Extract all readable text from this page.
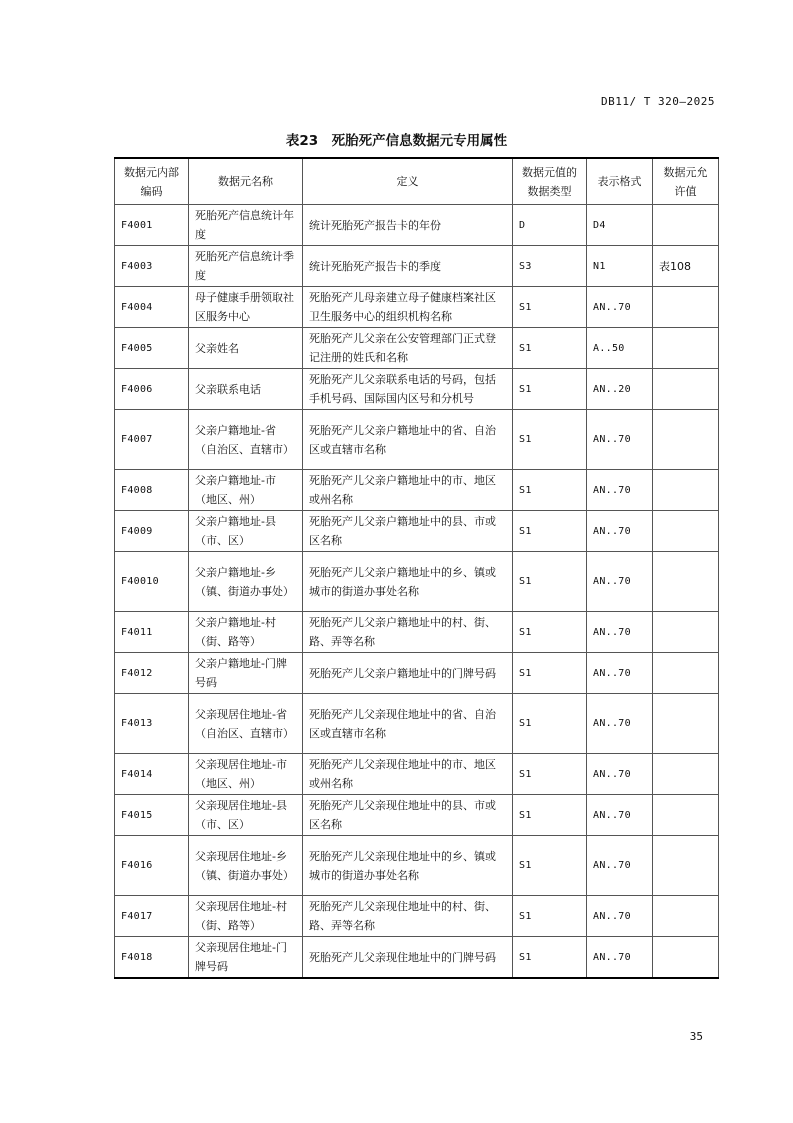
DB11/ T 320—2025
表23　死胎死产信息数据元专用属性
数据元内部编码	数据元名称	定义	数据元值的数据类型	表示格式	数据元允许值
F4001	死胎死产信息统计年度	统计死胎死产报告卡的年份	D	D4	
F4003	死胎死产信息统计季度	统计死胎死产报告卡的季度	S3	N1	表108
F4004	母子健康手册领取社区服务中心	死胎死产儿母亲建立母子健康档案社区卫生服务中心的组织机构名称	S1	AN..70	
F4005	父亲姓名	死胎死产儿父亲在公安管理部门正式登记注册的姓氏和名称	S1	A..50	
F4006	父亲联系电话	死胎死产儿父亲联系电话的号码，包括手机号码、国际国内区号和分机号	S1	AN..20	
F4007	父亲户籍地址-省（自治区、直辖市）	死胎死产儿父亲户籍地址中的省、自治区或直辖市名称	S1	AN..70	
F4008	父亲户籍地址-市（地区、州）	死胎死产儿父亲户籍地址中的市、地区或州名称	S1	AN..70	
F4009	父亲户籍地址-县（市、区）	死胎死产儿父亲户籍地址中的县、市或区名称	S1	AN..70	
F40010	父亲户籍地址-乡（镇、街道办事处）	死胎死产儿父亲户籍地址中的乡、镇或城市的街道办事处名称	S1	AN..70	
F4011	父亲户籍地址-村（街、路等）	死胎死产儿父亲户籍地址中的村、街、路、弄等名称	S1	AN..70	
F4012	父亲户籍地址-门牌号码	死胎死产儿父亲户籍地址中的门牌号码	S1	AN..70	
F4013	父亲现居住地址-省（自治区、直辖市）	死胎死产儿父亲现住地址中的省、自治区或直辖市名称	S1	AN..70	
F4014	父亲现居住地址-市（地区、州）	死胎死产儿父亲现住地址中的市、地区或州名称	S1	AN..70	
F4015	父亲现居住地址-县（市、区）	死胎死产儿父亲现住地址中的县、市或区名称	S1	AN..70	
F4016	父亲现居住地址-乡（镇、街道办事处）	死胎死产儿父亲现住地址中的乡、镇或城市的街道办事处名称	S1	AN..70	
F4017	父亲现居住地址-村（街、路等）	死胎死产儿父亲现住地址中的村、街、路、弄等名称	S1	AN..70	
F4018	父亲现居住地址-门牌号码	死胎死产儿父亲现住地址中的门牌号码	S1	AN..70	
35
